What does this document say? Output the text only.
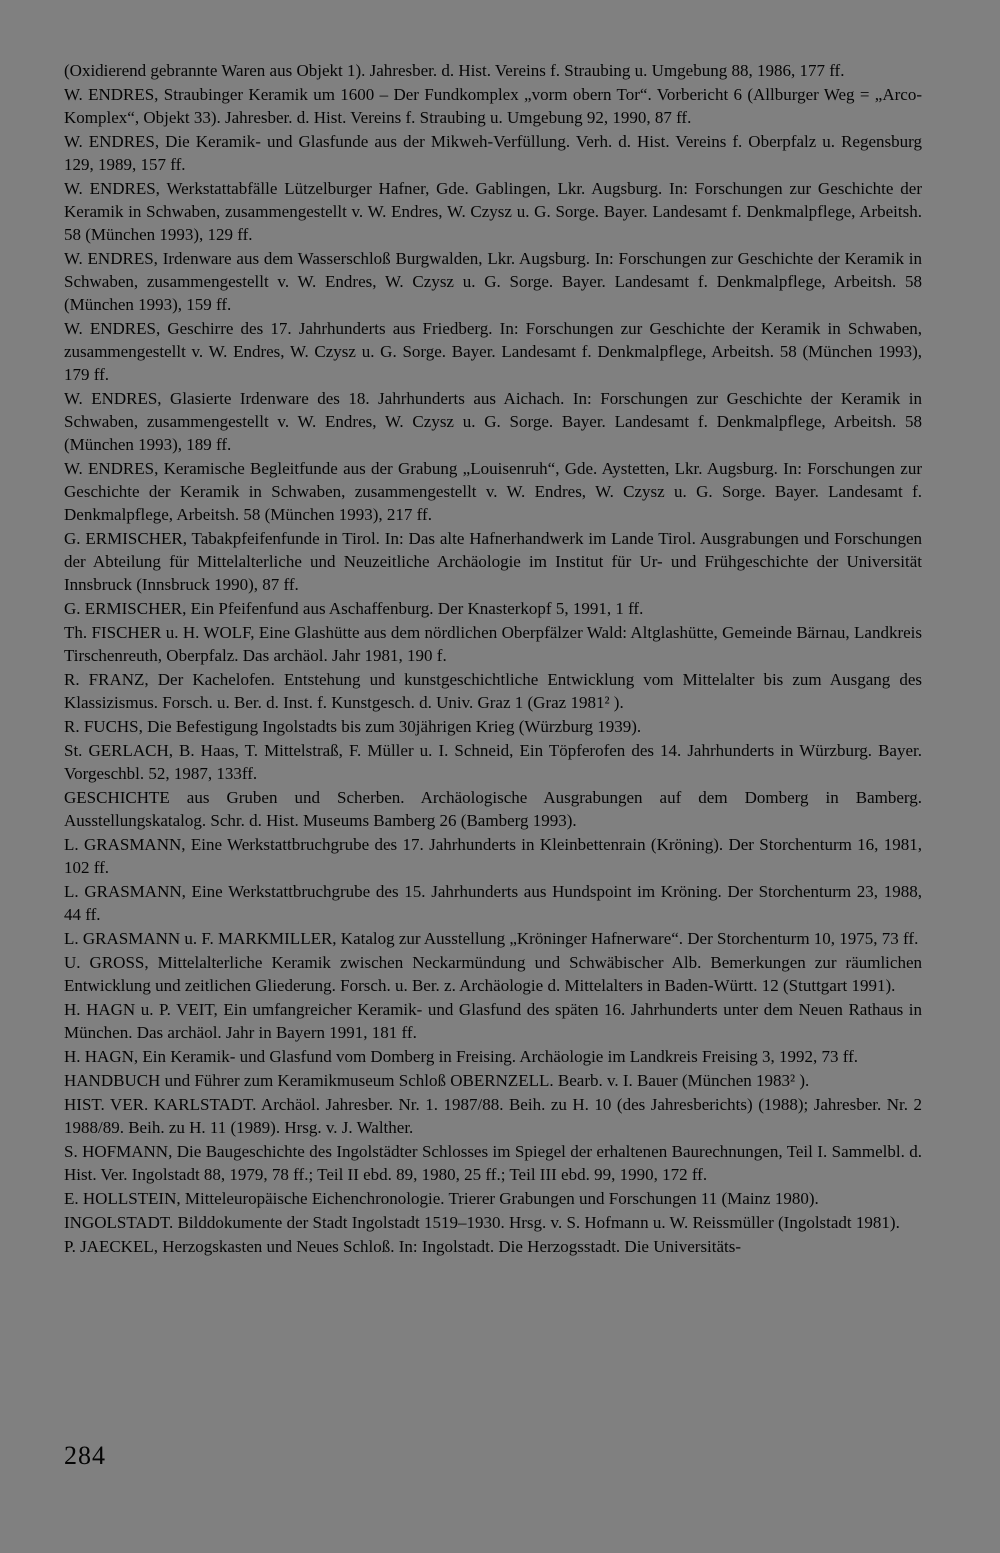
(Oxidierend gebrannte Waren aus Objekt 1). Jahresber. d. Hist. Vereins f. Straubing u. Umgebung 88, 1986, 177 ff.

W. ENDRES, Straubinger Keramik um 1600 – Der Fundkomplex „vorm obern Tor“. Vorbericht 6 (Allburger Weg = „Arco-Komplex“, Objekt 33). Jahresber. d. Hist. Vereins f. Straubing u. Umgebung 92, 1990, 87 ff.

W. ENDRES, Die Keramik- und Glasfunde aus der Mikweh-Verfüllung. Verh. d. Hist. Vereins f. Oberpfalz u. Regensburg 129, 1989, 157 ff.

W. ENDRES, Werkstattabfälle Lützelburger Hafner, Gde. Gablingen, Lkr. Augsburg. In: Forschungen zur Geschichte der Keramik in Schwaben, zusammengestellt v. W. Endres, W. Czysz u. G. Sorge. Bayer. Landesamt f. Denkmalpflege, Arbeitsh. 58 (München 1993), 129 ff.

W. ENDRES, Irdenware aus dem Wasserschloß Burgwalden, Lkr. Augsburg. In: Forschungen zur Geschichte der Keramik in Schwaben, zusammengestellt v. W. Endres, W. Czysz u. G. Sorge. Bayer. Landesamt f. Denkmalpflege, Arbeitsh. 58 (München 1993), 159 ff.

W. ENDRES, Geschirre des 17. Jahrhunderts aus Friedberg. In: Forschungen zur Geschichte der Keramik in Schwaben, zusammengestellt v. W. Endres, W. Czysz u. G. Sorge. Bayer. Landesamt f. Denkmalpflege, Arbeitsh. 58 (München 1993), 179 ff.

W. ENDRES, Glasierte Irdenware des 18. Jahrhunderts aus Aichach. In: Forschungen zur Geschichte der Keramik in Schwaben, zusammengestellt v. W. Endres, W. Czysz u. G. Sorge. Bayer. Landesamt f. Denkmalpflege, Arbeitsh. 58 (München 1993), 189 ff.

W. ENDRES, Keramische Begleitfunde aus der Grabung „Louisenruh“, Gde. Aystetten, Lkr. Augsburg. In: Forschungen zur Geschichte der Keramik in Schwaben, zusammengestellt v. W. Endres, W. Czysz u. G. Sorge. Bayer. Landesamt f. Denkmalpflege, Arbeitsh. 58 (München 1993), 217 ff.

G. ERMISCHER, Tabakpfeifenfunde in Tirol. In: Das alte Hafnerhandwerk im Lande Tirol. Ausgrabungen und Forschungen der Abteilung für Mittelalterliche und Neuzeitliche Archäologie im Institut für Ur- und Frühgeschichte der Universität Innsbruck (Innsbruck 1990), 87 ff.

G. ERMISCHER, Ein Pfeifenfund aus Aschaffenburg. Der Knasterkopf 5, 1991, 1 ff.

Th. FISCHER u. H. WOLF, Eine Glashütte aus dem nördlichen Oberpfälzer Wald: Altglashütte, Gemeinde Bärnau, Landkreis Tirschenreuth, Oberpfalz. Das archäol. Jahr 1981, 190 f.

R. FRANZ, Der Kachelofen. Entstehung und kunstgeschichtliche Entwicklung vom Mittelalter bis zum Ausgang des Klassizismus. Forsch. u. Ber. d. Inst. f. Kunstgesch. d. Univ. Graz 1 (Graz 1981² ).

R. FUCHS, Die Befestigung Ingolstadts bis zum 30jährigen Krieg (Würzburg 1939).

St. GERLACH, B. Haas, T. Mittelstraß, F. Müller u. I. Schneid, Ein Töpferofen des 14. Jahrhunderts in Würzburg. Bayer. Vorgeschbl. 52, 1987, 133ff.

GESCHICHTE aus Gruben und Scherben. Archäologische Ausgrabungen auf dem Domberg in Bamberg. Ausstellungskatalog. Schr. d. Hist. Museums Bamberg 26 (Bamberg 1993).

L. GRASMANN, Eine Werkstattbruchgrube des 17. Jahrhunderts in Kleinbettenrain (Kröning). Der Storchenturm 16, 1981, 102 ff.

L. GRASMANN, Eine Werkstattbruchgrube des 15. Jahrhunderts aus Hundspoint im Kröning. Der Storchenturm 23, 1988, 44 ff.

L. GRASMANN u. F. MARKMILLER, Katalog zur Ausstellung „Kröninger Hafnerware“. Der Storchenturm 10, 1975, 73 ff.

U. GROSS, Mittelalterliche Keramik zwischen Neckarmündung und Schwäbischer Alb. Bemerkungen zur räumlichen Entwicklung und zeitlichen Gliederung. Forsch. u. Ber. z. Archäologie d. Mittelalters in Baden-Württ. 12 (Stuttgart 1991).

H. HAGN u. P. VEIT, Ein umfangreicher Keramik- und Glasfund des späten 16. Jahrhunderts unter dem Neuen Rathaus in München. Das archäol. Jahr in Bayern 1991, 181 ff.

H. HAGN, Ein Keramik- und Glasfund vom Domberg in Freising. Archäologie im Landkreis Freising 3, 1992, 73 ff.

HANDBUCH und Führer zum Keramikmuseum Schloß OBERNZELL. Bearb. v. I. Bauer (München 1983² ).

HIST. VER. KARLSTADT. Archäol. Jahresber. Nr. 1. 1987/88. Beih. zu H. 10 (des Jahresberichts) (1988); Jahresber. Nr. 2 1988/89. Beih. zu H. 11 (1989). Hrsg. v. J. Walther.

S. HOFMANN, Die Baugeschichte des Ingolstädter Schlosses im Spiegel der erhaltenen Baurechnungen, Teil I. Sammelbl. d. Hist. Ver. Ingolstadt 88, 1979, 78 ff.; Teil II ebd. 89, 1980, 25 ff.; Teil III ebd. 99, 1990, 172 ff.

E. HOLLSTEIN, Mitteleuropäische Eichenchronologie. Trierer Grabungen und Forschungen 11 (Mainz 1980).

INGOLSTADT. Bilddokumente der Stadt Ingolstadt 1519–1930. Hrsg. v. S. Hofmann u. W. Reissmüller (Ingolstadt 1981).

P. JAECKEL, Herzogskasten und Neues Schloß. In: Ingolstadt. Die Herzogsstadt. Die Universitäts-

284
